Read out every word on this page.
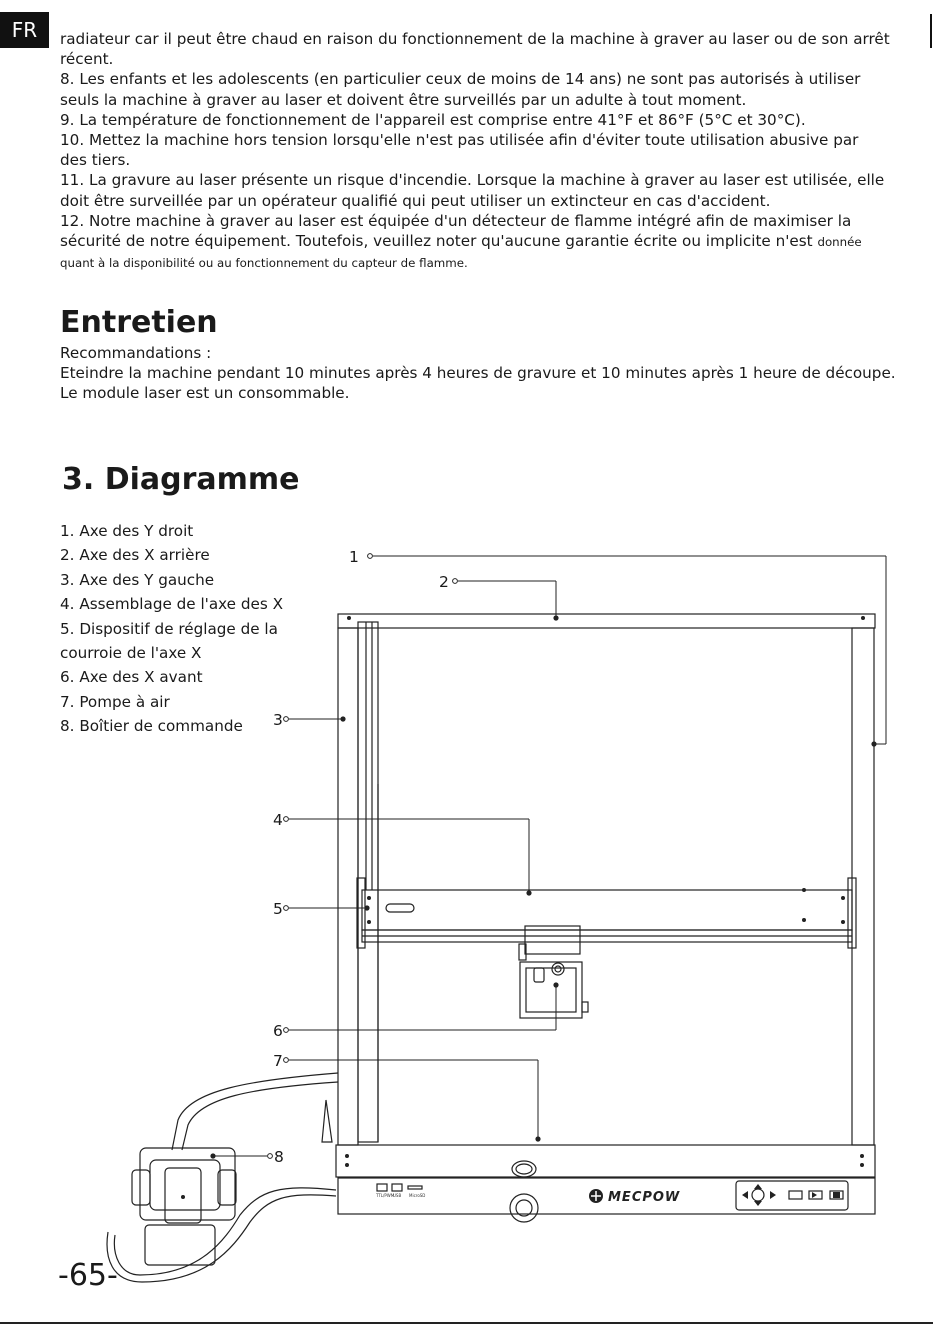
FR	radiateur car il peut être chaud en raison du fonctionnement de la machine à graver au laser ou de son arrêt récent.

8. Les enfants et les adolescents (en particulier ceux de moins de 14 ans) ne sont pas autorisés à utiliser seuls la machine à graver au laser et doivent être surveillés par un adulte à tout moment.

9. La température de fonctionnement de l'appareil est comprise entre 41°F et 86°F (5°C et 30°C).

10. Mettez la machine hors tension lorsqu'elle n'est pas utilisée afin d'éviter toute utilisation abusive par des tiers.

11. La gravure au laser présente un risque d'incendie. Lorsque la machine à graver au laser est utilisée, elle doit être surveillée par un opérateur qualifié qui peut utiliser un extincteur en cas d'accident.

12. Notre machine à graver au laser est équipée d'un détecteur de flamme intégré afin de maximiser la sécurité de notre équipement. Toutefois, veuillez noter qu'aucune garantie écrite ou implicite n'est donnée quant à la disponibilité ou au fonctionnement du capteur de flamme.

Entretien

Recommandations :

Eteindre la machine pendant 10 minutes après 4 heures de gravure et 10 minutes après 1 heure de découpe.

Le module laser est un consommable.

3. Diagramme
1. Axe des Y droit
2. Axe des X arrière
3. Axe des Y gauche
4. Assemblage de l'axe des X
5. Dispositif de réglage de la
courroie de l'axe X
6. Axe des X avant
7. Pompe à air
8. Boîtier de commande
1
2
3
4
5
6
7
8
TTL/PWM
USB MicroSD	MECPOW
-65-
